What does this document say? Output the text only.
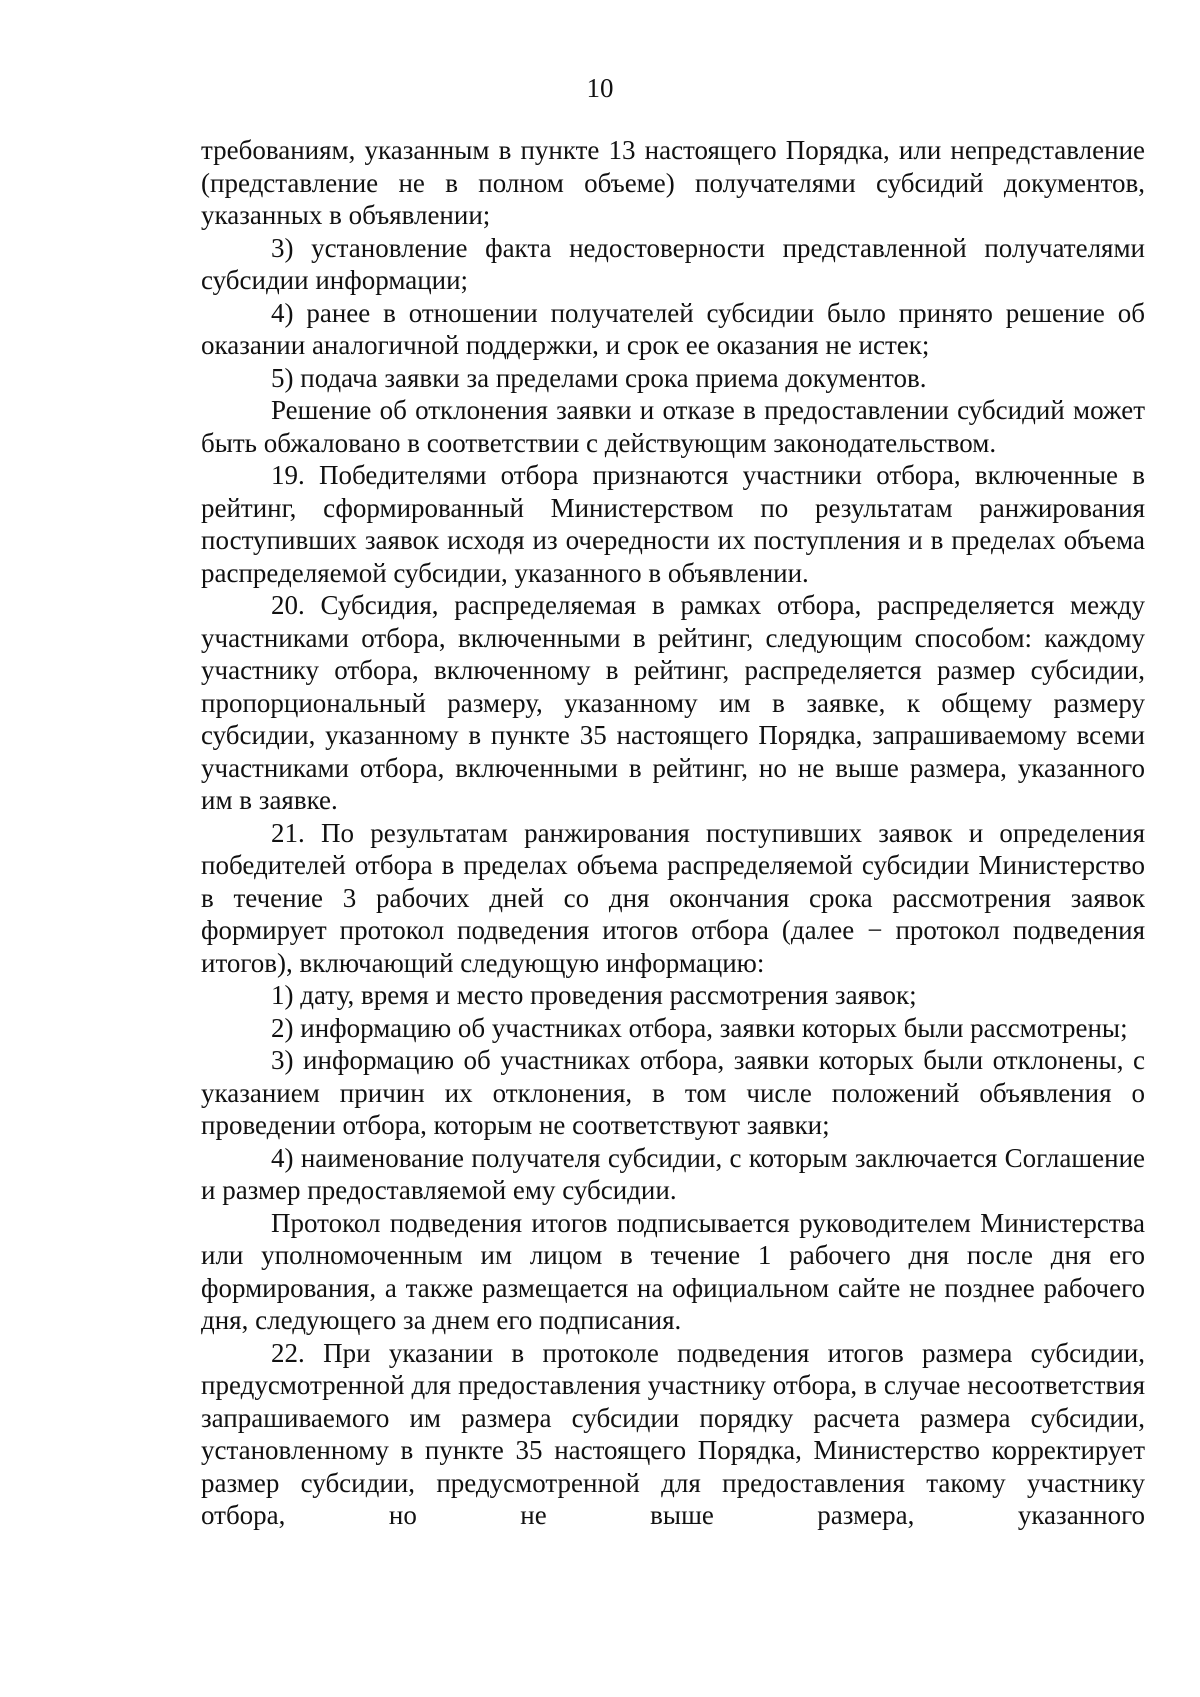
10

требованиям, указанным в пункте 13 настоящего Порядка, или непредставление (представление не в полном объеме) получателями субсидий документов, указанных в объявлении;

3) установление факта недостоверности представленной получателями субсидии информации;

4) ранее в отношении получателей субсидии было принято решение об оказании аналогичной поддержки, и срок ее оказания не истек;

5) подача заявки за пределами срока приема документов.

Решение об отклонения заявки и отказе в предоставлении субсидий может быть обжаловано в соответствии с действующим законодательством.

19. Победителями отбора признаются участники отбора, включенные в рейтинг, сформированный Министерством по результатам ранжирования поступивших заявок исходя из очередности их поступления и в пределах объема распределяемой субсидии, указанного в объявлении.

20. Субсидия, распределяемая в рамках отбора, распределяется между участниками отбора, включенными в рейтинг, следующим способом: каждому участнику отбора, включенному в рейтинг, распределяется размер субсидии, пропорциональный размеру, указанному им в заявке, к общему размеру субсидии, указанному в пункте 35 настоящего Порядка, запрашиваемому всеми участниками отбора, включенными в рейтинг, но не выше размера, указанного им в заявке.

21. По результатам ранжирования поступивших заявок и определения победителей отбора в пределах объема распределяемой субсидии Министерство в течение 3 рабочих дней со дня окончания срока рассмотрения заявок формирует протокол подведения итогов отбора (далее − протокол подведения итогов), включающий следующую информацию:

1) дату, время и место проведения рассмотрения заявок;

2) информацию об участниках отбора, заявки которых были рассмотрены;

3) информацию об участниках отбора, заявки которых были отклонены, с указанием причин их отклонения, в том числе положений объявления о проведении отбора, которым не соответствуют заявки;

4) наименование получателя субсидии, с которым заключается Соглашение и размер предоставляемой ему субсидии.

Протокол подведения итогов подписывается руководителем Министерства или уполномоченным им лицом в течение 1 рабочего дня после дня его формирования, а также размещается на официальном сайте не позднее рабочего дня, следующего за днем его подписания.

22. При указании в протоколе подведения итогов размера субсидии, предусмотренной для предоставления участнику отбора, в случае несоответствия запрашиваемого им размера субсидии порядку расчета размера субсидии, установленному в пункте 35 настоящего Порядка, Министерство корректирует размер субсидии, предусмотренной для предоставления такому участнику отбора, но не выше размера, указанного
